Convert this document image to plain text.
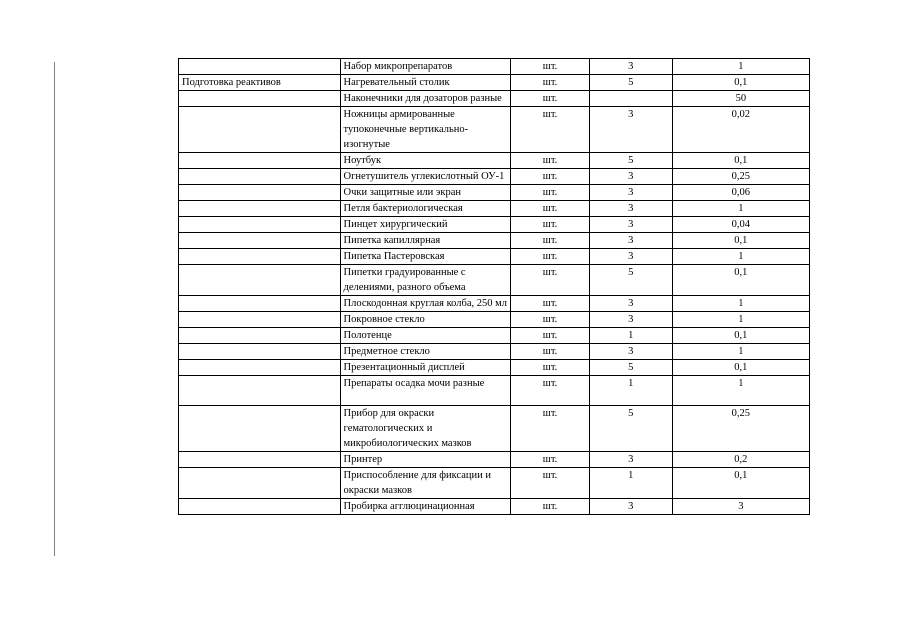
	Набор микропрепаратов	шт.	3	1
Подготовка реактивов	Нагревательный столик	шт.	5	0,1
	Наконечники для дозаторов разные	шт.		50
	Ножницы армированные тупоконечные вертикально-изогнутые	шт.	3	0,02
	Ноутбук	шт.	5	0,1
	Огнетушитель углекислотный ОУ-1	шт.	3	0,25
	Очки защитные или экран	шт.	3	0,06
	Петля бактериологическая	шт.	3	1
	Пинцет хирургический	шт.	3	0,04
	Пипетка капиллярная	шт.	3	0,1
	Пипетка Пастеровская	шт.	3	1
	Пипетки градуированные с делениями, разного объема	шт.	5	0,1
	Плоскодонная круглая колба, 250 мл	шт.	3	1
	Покровное стекло	шт.	3	1
	Полотенце	шт.	1	0,1
	Предметное стекло	шт.	3	1
	Презентационный дисплей	шт.	5	0,1
	Препараты осадка мочи разные	шт.	1	1
	Прибор для окраски гематологических и микробиологических мазков	шт.	5	0,25
	Принтер	шт.	3	0,2
	Приспособление для фиксации и окраски мазков	шт.	1	0,1
	Пробирка агглюцинационная	шт.	3	3
